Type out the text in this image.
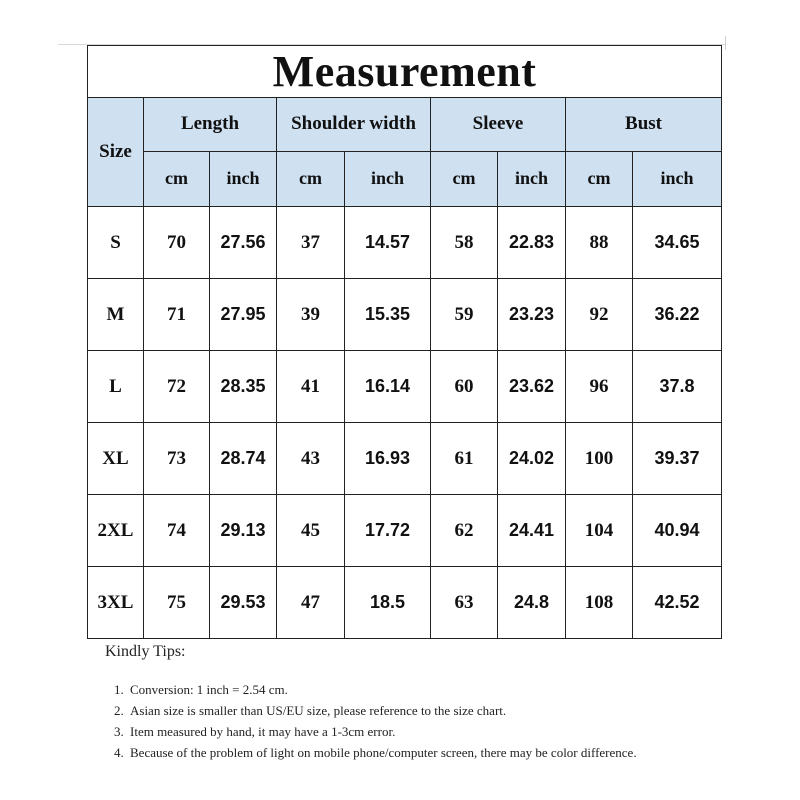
Measurement								
Size	Length		Shoulder width		Sleeve		Bust	
	cm	inch	cm	inch	cm	inch	cm	inch
S	70	27.56	37	14.57	58	22.83	88	34.65
M	71	27.95	39	15.35	59	23.23	92	36.22
L	72	28.35	41	16.14	60	23.62	96	37.8
XL	73	28.74	43	16.93	61	24.02	100	39.37
2XL	74	29.13	45	17.72	62	24.41	104	40.94
3XL	75	29.53	47	18.5	63	24.8	108	42.52
Kindly Tips:
1. Conversion: 1 inch = 2.54 cm.
2. Asian size is smaller than US/EU size, please reference to the size chart.
3. Item measured by hand, it may have a 1-3cm error.
4. Because of the problem of light on mobile phone/computer screen, there may be color difference.
